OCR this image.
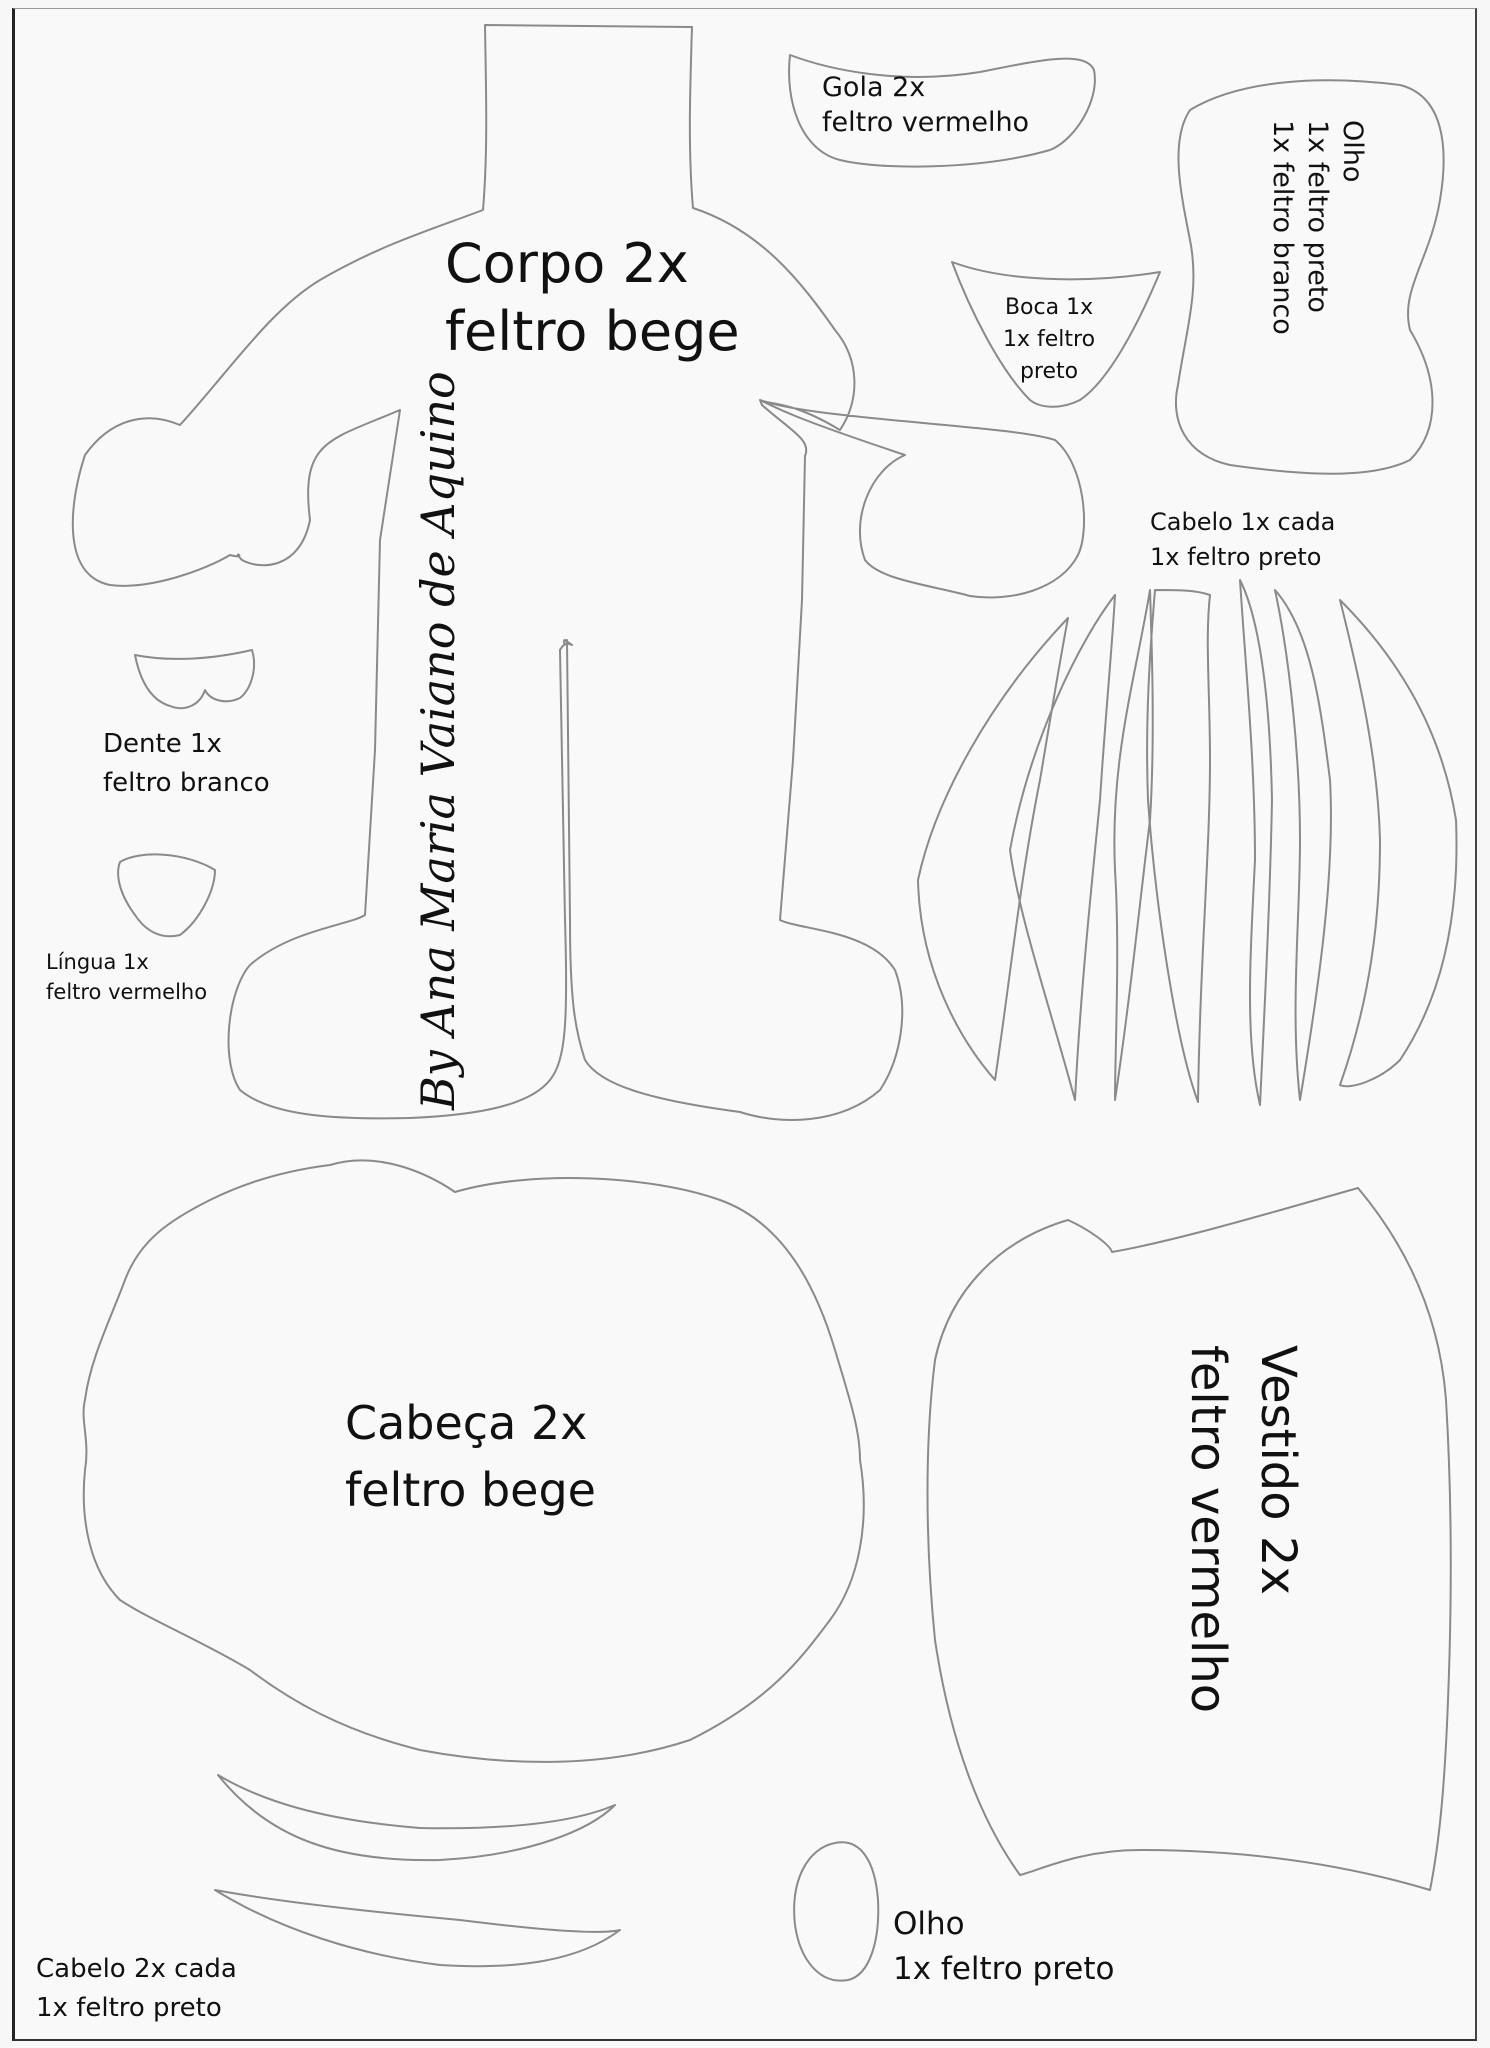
Corpo 2x
feltro bege
Gola 2x
feltro vermelho	Olho
1x feltro preto
1x feltro branco
Boca 1x
1x feltro
preto
Cabelo 1x cada
1x feltro preto
Dente 1x
feltro branco
Língua 1x
feltro vermelho
Cabeça 2x
feltro bege	Vestido 2x
feltro vermelho
Cabelo 2x cada
1x feltro preto
Olho
1x feltro preto
By Ana Maria Vaiano de Aquino
